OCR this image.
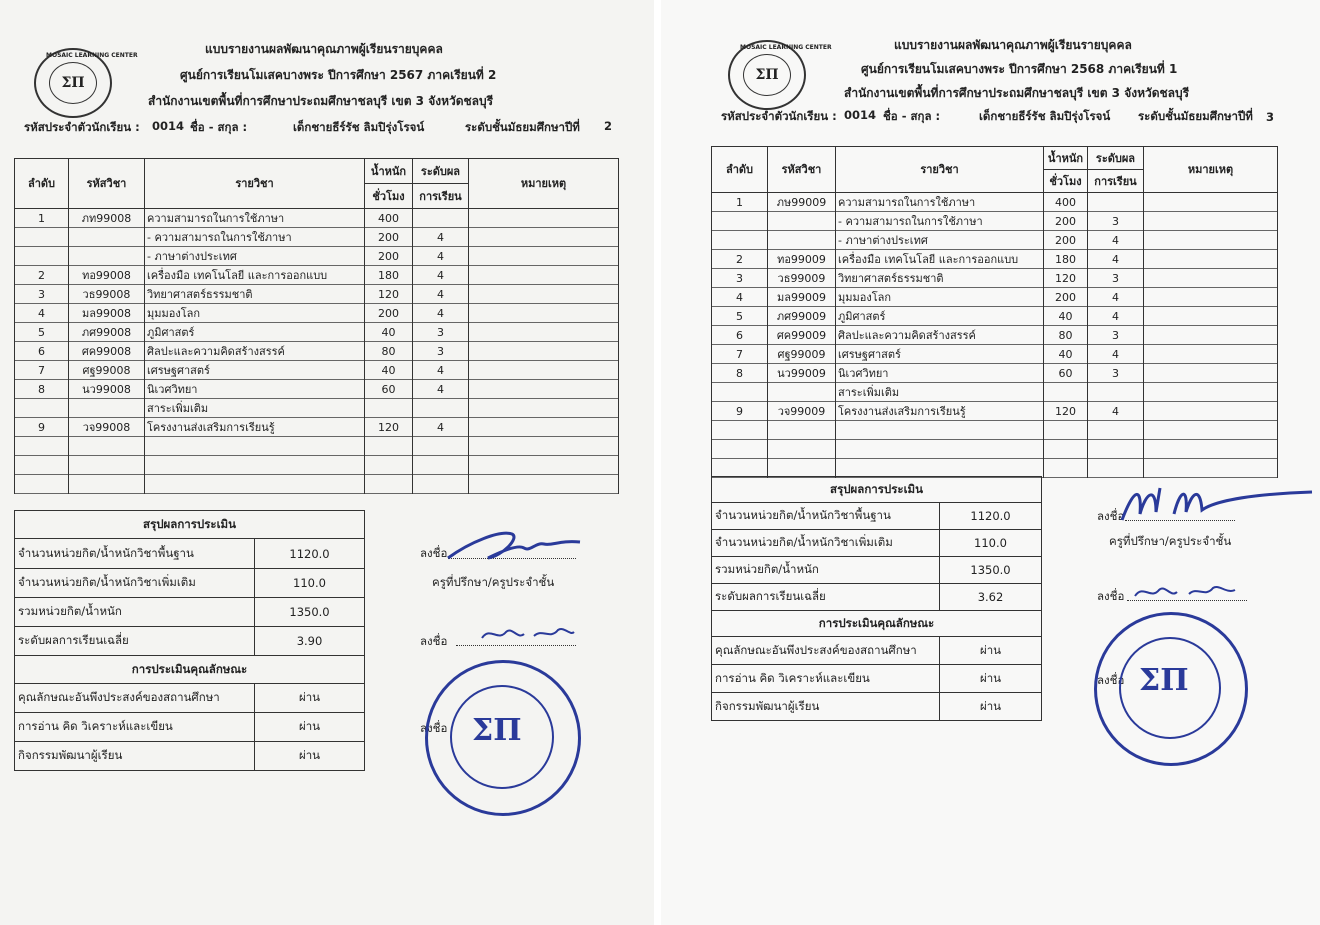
ΣΠ
MOSAIC LEARNING CENTER	แบบรายงานผลพัฒนาคุณภาพผู้เรียนรายบุคคล
ศูนย์การเรียนโมเสคบางพระ ปีการศึกษา 2567 ภาคเรียนที่ 2
สำนักงานเขตพื้นที่การศึกษาประถมศึกษาชลบุรี เขต 3 จังหวัดชลบุรี
รหัสประจำตัวนักเรียน : 0014 ชื่อ - สกุล :	เด็กชายธีร์รัช ลิมปิรุ่งโรจน์	ระดับชั้นมัธยมศึกษาปีที่ 2
ลำดับ	รหัสวิชา	รายวิชา	น้ำหนัก	ระดับผล	หมายเหตุ
			ชั่วโมง	การเรียน	
1	ภท99008	ความสามารถในการใช้ภาษา	400		
		- ความสามารถในการใช้ภาษา	200	4	
		- ภาษาต่างประเทศ	200	4	
2	ทอ99008	เครื่องมือ เทคโนโลยี และการออกแบบ	180	4	
3	วธ99008	วิทยาศาสตร์ธรรมชาติ	120	4	
4	มล99008	มุมมองโลก	200	4	
5	ภศ99008	ภูมิศาสตร์	40	3	
6	ศค99008	ศิลปะและความคิดสร้างสรรค์	80	3	
7	ศฐ99008	เศรษฐศาสตร์	40	4	
8	นว99008	นิเวศวิทยา	60	4	
		สาระเพิ่มเติม			
9	วจ99008	โครงงานส่งเสริมการเรียนรู้	120	4	

สรุปผลการประเมิน	
จำนวนหน่วยกิต/น้ำหนักวิชาพื้นฐาน	1120.0
จำนวนหน่วยกิต/น้ำหนักวิชาเพิ่มเติม	110.0
รวมหน่วยกิต/น้ำหนัก	1350.0
ระดับผลการเรียนเฉลี่ย	3.90
การประเมินคุณลักษณะ	
คุณลักษณะอันพึงประสงค์ของสถานศึกษา	ผ่าน
การอ่าน คิด วิเคราะห์และเขียน	ผ่าน
กิจกรรมพัฒนาผู้เรียน	ผ่าน
ลงชื่อ
ครูที่ปรึกษา/ครูประจำชั้น
ลงชื่อ
ลงชื่อ ΣΠ
ΣΠ
MOSAIC LEARNING CENTER	แบบรายงานผลพัฒนาคุณภาพผู้เรียนรายบุคคล
ศูนย์การเรียนโมเสคบางพระ ปีการศึกษา 2568 ภาคเรียนที่ 1
สำนักงานเขตพื้นที่การศึกษาประถมศึกษาชลบุรี เขต 3 จังหวัดชลบุรี
รหัสประจำตัวนักเรียน : 0014 ชื่อ - สกุล :	เด็กชายธีร์รัช ลิมปิรุ่งโรจน์ ระดับชั้นมัธยมศึกษาปีที่ 3
ลำดับ	รหัสวิชา	รายวิชา	น้ำหนัก	ระดับผล	หมายเหตุ
			ชั่วโมง	การเรียน	
1	ภษ99009	ความสามารถในการใช้ภาษา	400		
		- ความสามารถในการใช้ภาษา	200	3	
		- ภาษาต่างประเทศ	200	4	
2	ทอ99009	เครื่องมือ เทคโนโลยี และการออกแบบ	180	4	
3	วธ99009	วิทยาศาสตร์ธรรมชาติ	120	3	
4	มล99009	มุมมองโลก	200	4	
5	ภศ99009	ภูมิศาสตร์	40	4	
6	ศค99009	ศิลปะและความคิดสร้างสรรค์	80	3	
7	ศฐ99009	เศรษฐศาสตร์	40	4	
8	นว99009	นิเวศวิทยา	60	3	
		สาระเพิ่มเติม			
9	วจ99009	โครงงานส่งเสริมการเรียนรู้	120	4	

สรุปผลการประเมิน	
จำนวนหน่วยกิต/น้ำหนักวิชาพื้นฐาน	1120.0
จำนวนหน่วยกิต/น้ำหนักวิชาเพิ่มเติม	110.0
รวมหน่วยกิต/น้ำหนัก	1350.0
ระดับผลการเรียนเฉลี่ย	3.62
การประเมินคุณลักษณะ	
คุณลักษณะอันพึงประสงค์ของสถานศึกษา	ผ่าน
การอ่าน คิด วิเคราะห์และเขียน	ผ่าน
กิจกรรมพัฒนาผู้เรียน	ผ่าน
ลงชื่อ
ครูที่ปรึกษา/ครูประจำชั้น
ลงชื่อ
ลงชื่อ ΣΠ
